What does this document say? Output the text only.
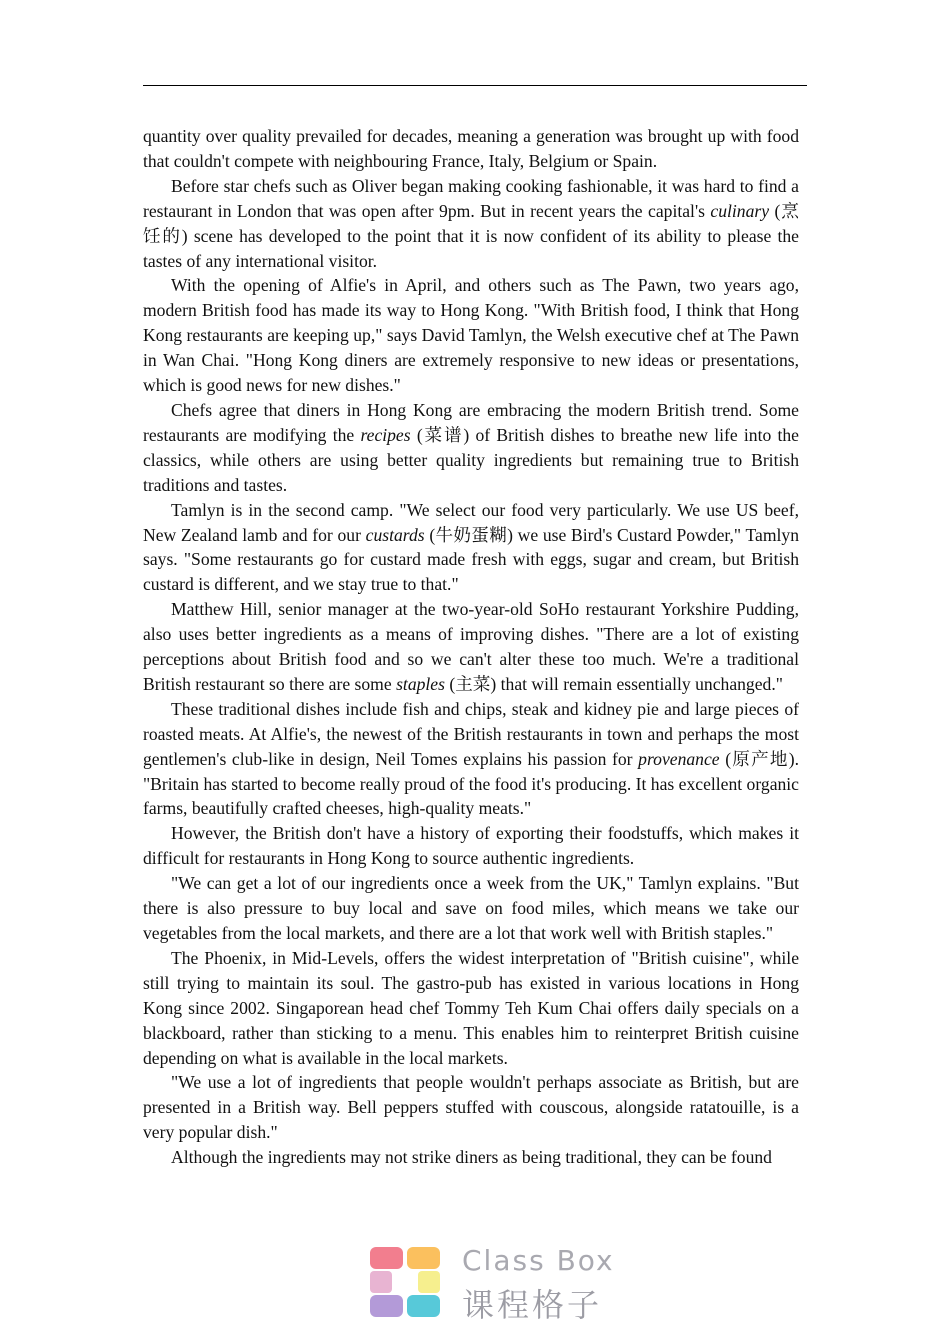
quantity over quality prevailed for decades, meaning a generation was brought up with food that couldn't compete with neighbouring France, Italy, Belgium or Spain.

Before star chefs such as Oliver began making cooking fashionable, it was hard to find a restaurant in London that was open after 9pm. But in recent years the capital's culinary (烹饪的) scene has developed to the point that it is now confident of its ability to please the tastes of any international visitor.

With the opening of Alfie's in April, and others such as The Pawn, two years ago, modern British food has made its way to Hong Kong. "With British food, I think that Hong Kong restaurants are keeping up," says David Tamlyn, the Welsh executive chef at The Pawn in Wan Chai. "Hong Kong diners are extremely responsive to new ideas or presentations, which is good news for new dishes."

Chefs agree that diners in Hong Kong are embracing the modern British trend. Some restaurants are modifying the recipes (菜谱) of British dishes to breathe new life into the classics, while others are using better quality ingredients but remaining true to British traditions and tastes.

Tamlyn is in the second camp. "We select our food very particularly. We use US beef, New Zealand lamb and for our custards (牛奶蛋糊) we use Bird's Custard Powder," Tamlyn says. "Some restaurants go for custard made fresh with eggs, sugar and cream, but British custard is different, and we stay true to that."

Matthew Hill, senior manager at the two-year-old SoHo restaurant Yorkshire Pudding, also uses better ingredients as a means of improving dishes. "There are a lot of existing perceptions about British food and so we can't alter these too much. We're a traditional British restaurant so there are some staples (主菜) that will remain essentially unchanged."

These traditional dishes include fish and chips, steak and kidney pie and large pieces of roasted meats. At Alfie's, the newest of the British restaurants in town and perhaps the most gentlemen's club-like in design, Neil Tomes explains his passion for provenance (原产地). "Britain has started to become really proud of the food it's producing. It has excellent organic farms, beautifully crafted cheeses, high-quality meats."

However, the British don't have a history of exporting their foodstuffs, which makes it difficult for restaurants in Hong Kong to source authentic ingredients.

"We can get a lot of our ingredients once a week from the UK," Tamlyn explains. "But there is also pressure to buy local and save on food miles, which means we take our vegetables from the local markets, and there are a lot that work well with British staples."

The Phoenix, in Mid-Levels, offers the widest interpretation of "British cuisine", while still trying to maintain its soul. The gastro-pub has existed in various locations in Hong Kong since 2002. Singaporean head chef Tommy Teh Kum Chai offers daily specials on a blackboard, rather than sticking to a menu. This enables him to reinterpret British cuisine depending on what is available in the local markets.

"We use a lot of ingredients that people wouldn't perhaps associate as British, but are presented in a British way. Bell peppers stuffed with couscous, alongside ratatouille, is a very popular dish."

Although the ingredients may not strike diners as being traditional, they can be found

Class Box
课程格子
